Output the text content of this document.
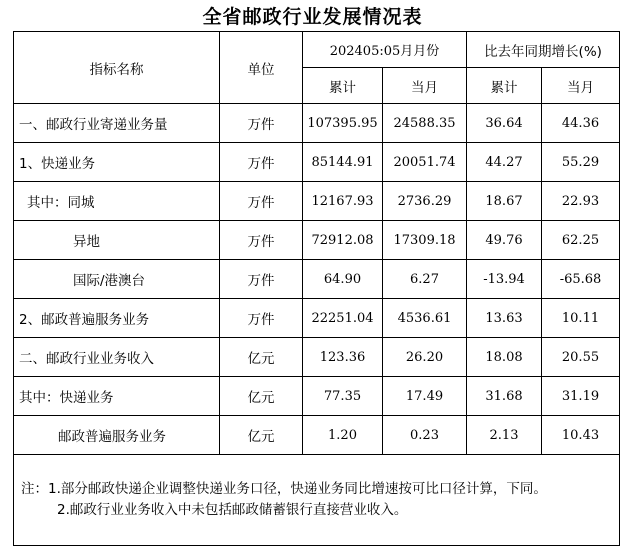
全省邮政行业发展情况表
指标名称	单位	202405:05月月份		比去年同期增长(%)	
		累计	当月	累计	当月
一、邮政行业寄递业务量	万件	107395.95	24588.35	36.64	44.36
1、快递业务	万件	85144.91	20051.74	44.27	55.29
其中：同城	万件	12167.93	2736.29	18.67	22.93
异地	万件	72912.08	17309.18	49.76	62.25
国际/港澳台	万件	64.90	6.27	-13.94	-65.68
2、邮政普遍服务业务	万件	22251.04	4536.61	13.63	10.11
二、邮政行业业务收入	亿元	123.36	26.20	18.08	20.55
其中：快递业务	亿元	77.35	17.49	31.68	31.19
邮政普遍服务业务	亿元	1.20	0.23	2.13	10.43

注：1.部分邮政快递企业调整快递业务口径，快递业务同比增速按可比口径计算，下同。
2.邮政行业业务收入中未包括邮政储蓄银行直接营业收入。					
